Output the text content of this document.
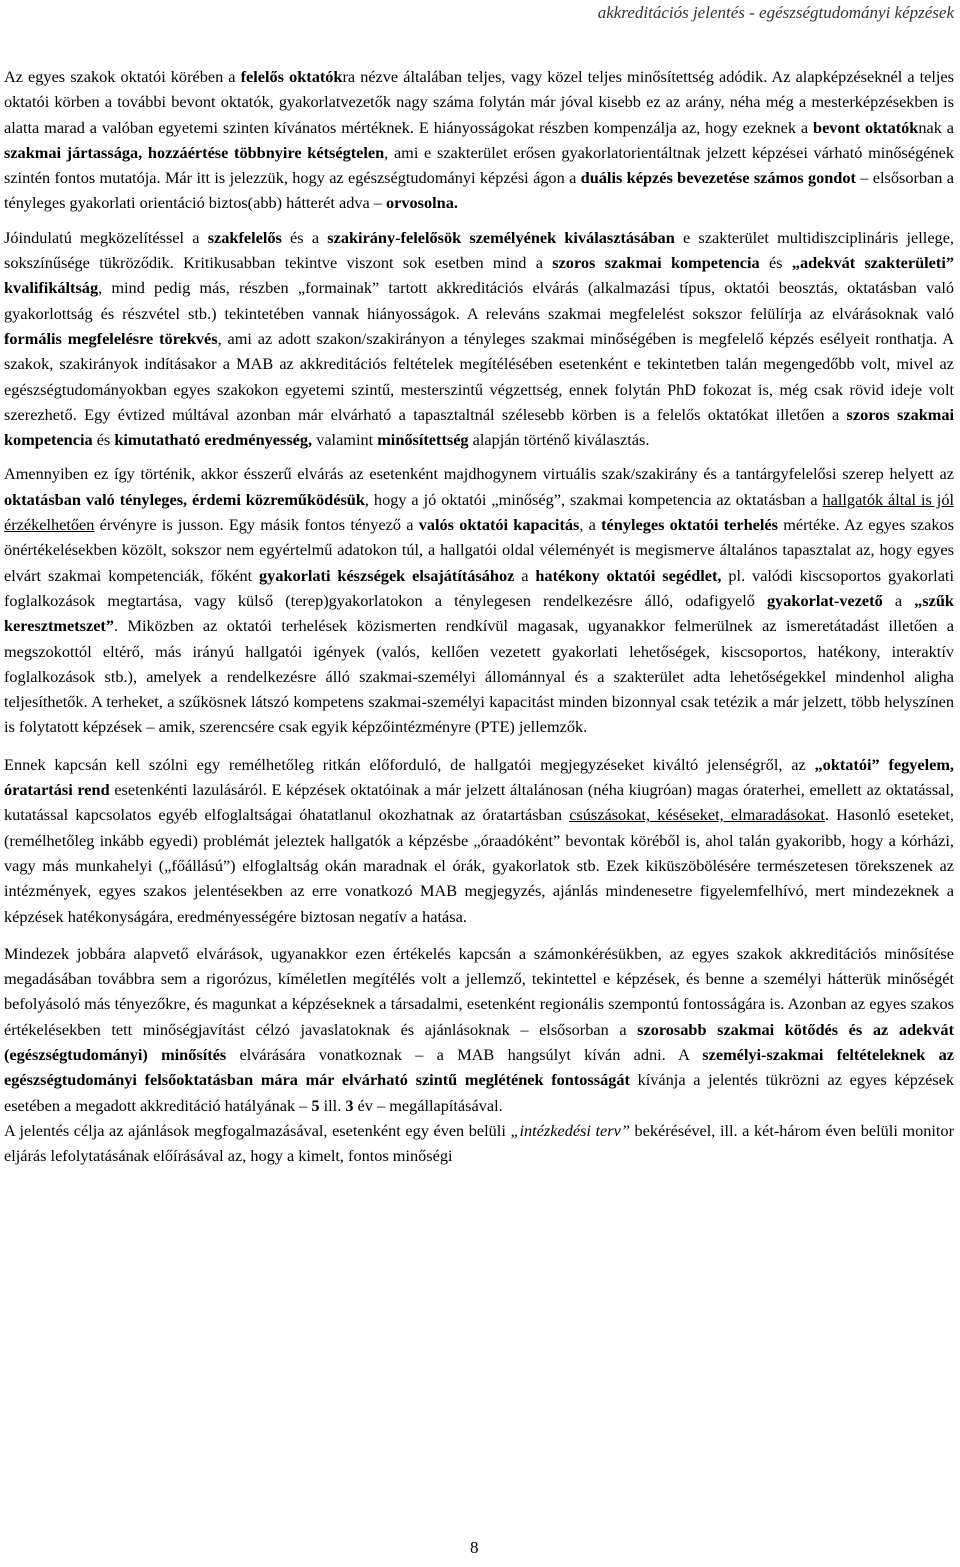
akkreditációs jelentés - egészségtudományi képzések

Az egyes szakok oktatói körében a felelős oktatókra nézve általában teljes, vagy közel teljes minősítettség adódik. Az alapképzéseknél a teljes oktatói körben a további bevont oktatók, gyakorlatvezetők nagy száma folytán már jóval kisebb ez az arány, néha még a mesterképzésekben is alatta marad a valóban egyetemi szinten kívánatos mértéknek. E hiányosságokat részben kompenzálja az, hogy ezeknek a bevont oktatóknak a szakmai jártassága, hozzáértése többnyire kétségtelen, ami e szakterület erősen gyakorlatorientáltnak jelzett képzései várható minőségének szintén fontos mutatója. Már itt is jelezzük, hogy az egészségtudományi képzési ágon a duális képzés bevezetése számos gondot – elsősorban a tényleges gyakorlati orientáció biztos(abb) hátterét adva – orvosolna.

Jóindulatú megközelítéssel a szakfelelős és a szakirány-felelősök személyének kiválasztásában e szakterület multidiszciplináris jellege, sokszínűsége tükröződik. Kritikusabban tekintve viszont sok esetben mind a szoros szakmai kompetencia és „adekvát szakterületi” kvalifikáltság, mind pedig más, részben „formainak” tartott akkreditációs elvárás (alkalmazási típus, oktatói beosztás, oktatásban való gyakorlottság és részvétel stb.) tekintetében vannak hiányosságok. A releváns szakmai megfelelést sokszor felülírja az elvárásoknak való formális megfelelésre törekvés, ami az adott szakon/szakirányon a tényleges szakmai minőségében is megfelelő képzés esélyeit ronthatja. A szakok, szakirányok indításakor a MAB az akkreditációs feltételek megítélésében esetenként e tekintetben talán megengedőbb volt, mivel az egészségtudományokban egyes szakokon egyetemi szintű, mesterszintű végzettség, ennek folytán PhD fokozat is, még csak rövid ideje volt szerezhető. Egy évtized múltával azonban már elvárható a tapasztaltnál szélesebb körben is a felelős oktatókat illetően a szoros szakmai kompetencia és kimutatható eredményesség, valamint minősítettség alapján történő kiválasztás.

Amennyiben ez így történik, akkor ésszerű elvárás az esetenként majdhogynem virtuális szak/szakirány és a tantárgyfelelősi szerep helyett az oktatásban való tényleges, érdemi közreműködésük, hogy a jó oktatói „minőség”, szakmai kompetencia az oktatásban a hallgatók által is jól érzékelhetően érvényre is jusson. Egy másik fontos tényező a valós oktatói kapacitás, a tényleges oktatói terhelés mértéke. Az egyes szakos önértékelésekben közölt, sokszor nem egyértelmű adatokon túl, a hallgatói oldal véleményét is megismerve általános tapasztalat az, hogy egyes elvárt szakmai kompetenciák, főként gyakorlati készségek elsajátításához a hatékony oktatói segédlet, pl. valódi kiscsoportos gyakorlati foglalkozások megtartása, vagy külső (terep)gyakorlatokon a ténylegesen rendelkezésre álló, odafigyelő gyakorlat-vezető a „szűk keresztmetszet”. Miközben az oktatói terhelések közismerten rendkívül magasak, ugyanakkor felmerülnek az ismeretátadást illetően a megszokottól eltérő, más irányú hallgatói igények (valós, kellően vezetett gyakorlati lehetőségek, kiscsoportos, hatékony, interaktív foglalkozások stb.), amelyek a rendelkezésre álló szakmai-személyi állománnyal és a szakterület adta lehetőségekkel mindenhol aligha teljesíthetők. A terheket, a szűkösnek látszó kompetens szakmai-személyi kapacitást minden bizonnyal csak tetézik a már jelzett, több helyszínen is folytatott képzések – amik, szerencsére csak egyik képzőintézményre (PTE) jellemzők.

Ennek kapcsán kell szólni egy remélhetőleg ritkán előforduló, de hallgatói megjegyzéseket kiváltó jelenségről, az „oktatói” fegyelem, óratartási rend esetenkénti lazulásáról. E képzések oktatóinak a már jelzett általánosan (néha kiugróan) magas óraterhei, emellett az oktatással, kutatással kapcsolatos egyéb elfoglaltságai óhatatlanul okozhatnak az óratartásban csúszásokat, késéseket, elmaradásokat. Hasonló eseteket, (remélhetőleg inkább egyedi) problémát jeleztek hallgatók a képzésbe „óraadóként” bevontak köréből is, ahol talán gyakoribb, hogy a kórházi, vagy más munkahelyi („főállású”) elfoglaltság okán maradnak el órák, gyakorlatok stb. Ezek kiküszöbölésére természetesen törekszenek az intézmények, egyes szakos jelentésekben az erre vonatkozó MAB megjegyzés, ajánlás mindenesetre figyelemfelhívó, mert mindezeknek a képzések hatékonyságára, eredményességére biztosan negatív a hatása.

Mindezek jobbára alapvető elvárások, ugyanakkor ezen értékelés kapcsán a számonkérésükben, az egyes szakok akkreditációs minősítése megadásában továbbra sem a rigorózus, kíméletlen megítélés volt a jellemző, tekintettel e képzések, és benne a személyi hátterük minőségét befolyásoló más tényezőkre, és magunkat a képzéseknek a társadalmi, esetenként regionális szempontú fontosságára is. Azonban az egyes szakos értékelésekben tett minőségjavítást célzó javaslatoknak és ajánlásoknak – elsősorban a szorosabb szakmai kötődés és az adekvát (egészségtudományi) minősítés elvárására vonatkoznak – a MAB hangsúlyt kíván adni. A személyi-szakmai feltételeknek az egészségtudományi felsőoktatásban mára már elvárható szintű meglétének fontosságát kívánja a jelentés tükrözni az egyes képzések esetében a megadott akkreditáció hatályának – 5 ill. 3 év – megállapításával.

A jelentés célja az ajánlások megfogalmazásával, esetenként egy éven belüli „intézkedési terv” bekérésével, ill. a két-három éven belüli monitor eljárás lefolytatásának előírásával az, hogy a kimelt, fontos minőségi

8
